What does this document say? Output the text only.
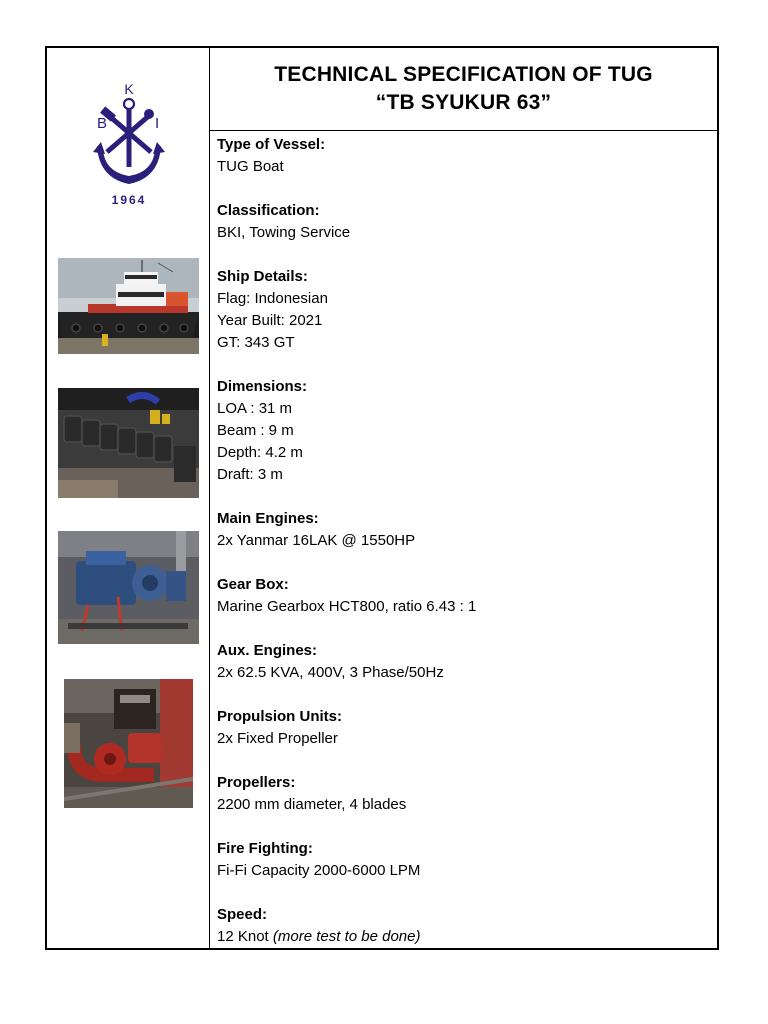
K
B	I
1964
TECHNICAL SPECIFICATION OF TUG
“TB SYUKUR 63”
Type of Vessel:
TUG Boat
Classification:
BKI, Towing Service
Ship Details:
Flag: Indonesian
Year Built: 2021
GT: 343 GT
Dimensions:
LOA : 31 m
Beam : 9 m
Depth: 4.2 m
Draft: 3 m
Main Engines:
2x Yanmar 16LAK @ 1550HP
Gear Box:
Marine Gearbox HCT800, ratio 6.43 : 1
Aux. Engines:
2x 62.5 KVA, 400V, 3 Phase/50Hz
Propulsion Units:
2x Fixed Propeller
Propellers:
2200 mm diameter, 4 blades
Fire Fighting:
Fi-Fi Capacity 2000-6000 LPM
Speed:
12 Knot (more test to be done)
